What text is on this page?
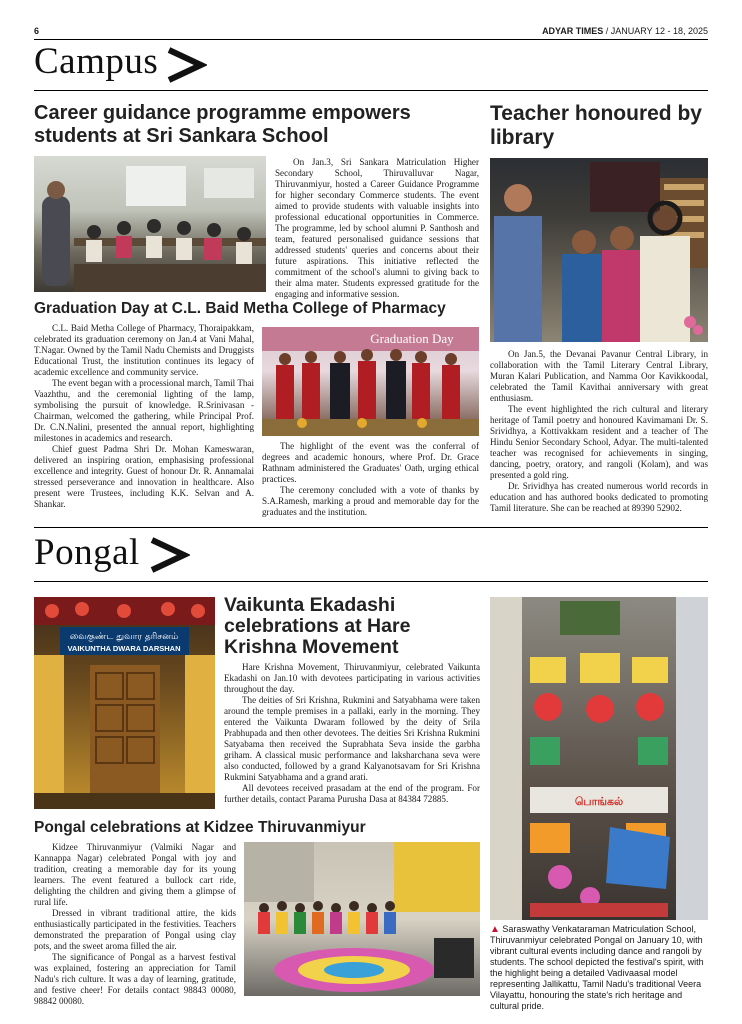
6	ADYAR TIMES / JANUARY 12 - 18, 2025
Campus
Career guidance programme empowers students at Sri Sankara School

On Jan.3, Sri Sankara Matriculation Higher Secondary School, Thiruvalluvar Nagar, Thiruvanmiyur, hosted a Career Guidance Programme for higher secondary Commerce students. The event aimed to provide students with valuable insights into professional educational opportunities in Commerce. The programme, led by school alumni P. Santhosh and team, featured personalised guidance sessions that addressed students' queries and concerns about their future aspirations. This initiative reflected the commitment of the school's alumni to giving back to their alma mater. Students expressed gratitude for the engaging and informative session.

Graduation Day at C.L. Baid Metha College of Pharmacy

C.L. Baid Metha College of Pharmacy, Thoraipakkam, celebrated its graduation ceremony on Jan.4 at Vani Mahal, T.Nagar. Owned by the Tamil Nadu Chemists and Druggists Educational Trust, the institution continues its legacy of academic excellence and community service.

The event began with a processional march, Tamil Thai Vaazhthu, and the ceremonial lighting of the lamp, symbolising the pursuit of knowledge. R.Srinivasan - Chairman, welcomed the gathering, while Principal Prof. Dr. C.N.Nalini, presented the annual report, highlighting milestones in academics and research.

Chief guest Padma Shri Dr. Mohan Kameswaran, delivered an inspiring oration, emphasising professional excellence and integrity. Guest of honour Dr. R. Annamalai stressed perseverance and innovation in healthcare. Also present were Trustees, including K.K. Selvan and A. Shankar.

Graduation Day

The highlight of the event was the conferral of degrees and academic honours, where Prof. Dr. Grace Rathnam administered the Graduates' Oath, urging ethical practices.

The ceremony concluded with a vote of thanks by S.A.Ramesh, marking a proud and memorable day for the graduates and the institution.

Teacher honoured by library

On Jan.5, the Devanai Pavanur Central Library, in collaboration with the Tamil Literary Central Library, Muran Kalari Publication, and Namma Oor Kavikkoodal, celebrated the Tamil Kavithai anniversary with great enthusiasm.

The event highlighted the rich cultural and literary heritage of Tamil poetry and honoured Kavimamani Dr. S. Srividhya, a Kottivakkam resident and a teacher of The Hindu Senior Secondary School, Adyar. The multi-talented teacher was recognised for achievements in singing, dancing, poetry, oratory, and rangoli (Kolam), and was presented a gold ring.

Dr. Srividhya has created numerous world records in education and has authored books dedicated to promoting Tamil literature. She can be reached at 89390 52902.

Pongal
வைகுண்ட துவார தரிசனம்
VAIKUNTHA DWARA DARSHAN
Vaikunta Ekadashi celebrations at Hare Krishna Movement

Hare Krishna Movement, Thiruvanmiyur, celebrated Vaikunta Ekadashi on Jan.10 with devotees participating in various activities throughout the day.

The deities of Sri Krishna, Rukmini and Satyabhama were taken around the temple premises in a pallaki, early in the morning. They entered the Vaikunta Dwaram followed by the deity of Srila Prabhupada and then other devotees. The deities Sri Krishna Rukmini Satyabama then received the Suprabhata Seva inside the garbha griham. A classical music performance and laksharchana seva were also conducted, followed by a grand Kalyanotsavam for Sri Krishna Rukmini Satyabhama and a grand arati.

All devotees received prasadam at the end of the program. For further details, contact Parama Purusha Dasa at 84384 72885.

Pongal celebrations at Kidzee Thiruvanmiyur

Kidzee Thiruvanmiyur (Valmiki Nagar and Kannappa Nagar) celebrated Pongal with joy and tradition, creating a memorable day for its young learners. The event featured a bullock cart ride, delighting the children and giving them a glimpse of rural life.

Dressed in vibrant traditional attire, the kids enthusiastically participated in the festivities. Teachers demonstrated the preparation of Pongal using clay pots, and the sweet aroma filled the air.

The significance of Pongal as a harvest festival was explained, fostering an appreciation for Tamil Nadu's rich culture. It was a day of learning, gratitude, and festive cheer! For details contact 98843 00080, 98842 00080.

பொங்கல்
▲ Saraswathy Venkataraman Matriculation School, Thiruvanmiyur celebrated Pongal on January 10, with vibrant cultural events including dance and rangoli by students. The school depicted the festival's spirit, with the highlight being a detailed Vadivaasal model representing Jallikattu, Tamil Nadu's traditional Veera Vilayattu, honouring the state's rich heritage and cultural pride.
